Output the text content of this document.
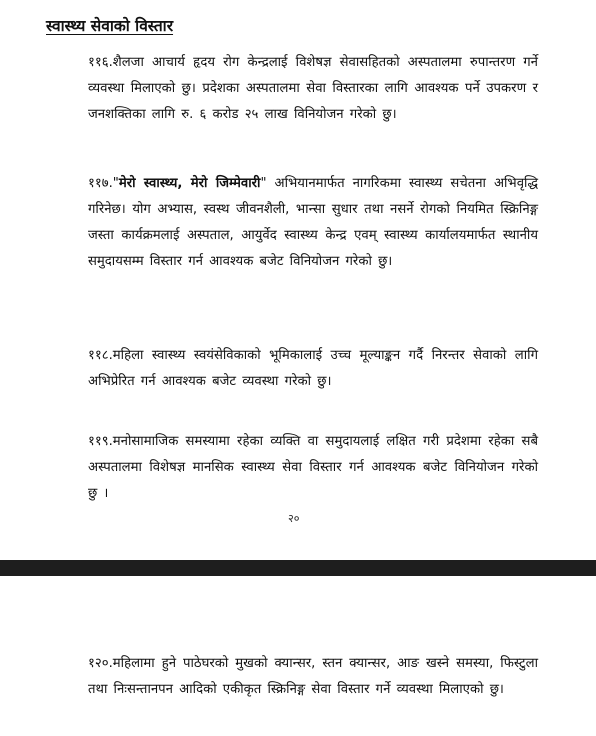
स्वास्थ्य सेवाको विस्तार
११६.शैलजा आचार्य हृदय रोग केन्द्रलाई विशेषज्ञ सेवासहितको अस्पतालमा रुपान्तरण गर्ने व्यवस्था मिलाएको छु। प्रदेशका अस्पतालमा सेवा विस्तारका लागि आवश्यक पर्ने उपकरण र जनशक्तिका लागि रु. ६ करोड २५ लाख विनियोजन गरेको छु।
११७."मेरो स्वास्थ्य, मेरो जिम्मेवारी" अभियानमार्फत नागरिकमा स्वास्थ्य सचेतना अभिवृद्धि गरिनेछ। योग अभ्यास, स्वस्थ जीवनशैली, भान्सा सुधार तथा नसर्ने रोगको नियमित स्क्रिनिङ्ग जस्ता कार्यक्रमलाई अस्पताल, आयुर्वेद स्वास्थ्य केन्द्र एवम् स्वास्थ्य कार्यालयमार्फत स्थानीय समुदायसम्म विस्तार गर्न आवश्यक बजेट विनियोजन गरेको छु।
११८.महिला स्वास्थ्य स्वयंसेविकाको भूमिकालाई उच्च मूल्याङ्कन गर्दै निरन्तर सेवाको लागि अभिप्रेरित गर्न आवश्यक बजेट व्यवस्था गरेको छु।
११९.मनोसामाजिक समस्यामा रहेका व्यक्ति वा समुदायलाई लक्षित गरी प्रदेशमा रहेका सबै अस्पतालमा विशेषज्ञ मानसिक स्वास्थ्य सेवा विस्तार गर्न आवश्यक बजेट विनियोजन गरेको छु ।
२०
१२०.महिलामा हुने पाठेघरको मुखको क्यान्सर, स्तन क्यान्सर, आङ खस्ने समस्या, फिस्टुला तथा निःसन्तानपन आदिको एकीकृत स्क्रिनिङ्ग सेवा विस्तार गर्ने व्यवस्था मिलाएको छु।
